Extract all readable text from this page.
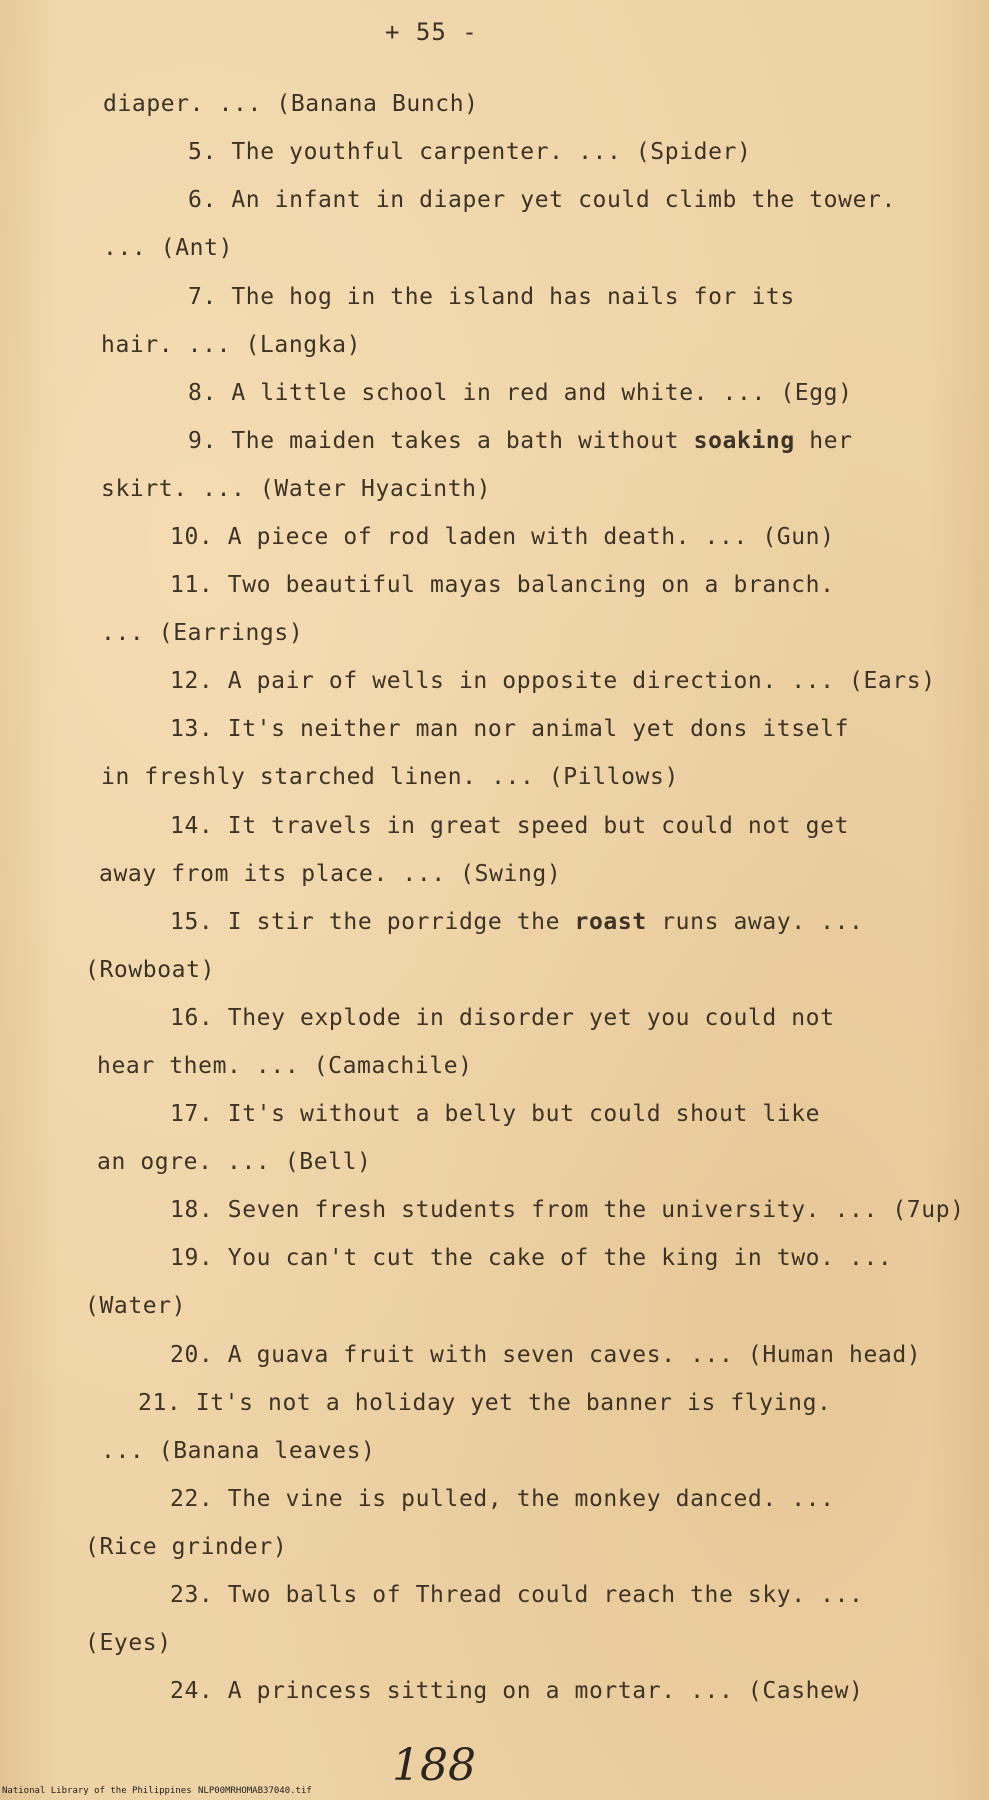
+ 55 -
diaper. ... (Banana Bunch)
5. The youthful carpenter. ... (Spider)
6. An infant in diaper yet could climb the tower.
... (Ant)
7. The hog in the island has nails for its
hair. ... (Langka)
8. A little school in red and white. ... (Egg)
9. The maiden takes a bath without soaking her
skirt. ... (Water Hyacinth)
10. A piece of rod laden with death. ... (Gun)
11. Two beautiful mayas balancing on a branch.
... (Earrings)
12. A pair of wells in opposite direction. ... (Ears)
13. It's neither man nor animal yet dons itself
in freshly starched linen. ... (Pillows)
14. It travels in great speed but could not get
away from its place. ... (Swing)
15. I stir the porridge the roast runs away. ...
(Rowboat)
16. They explode in disorder yet you could not
hear them. ... (Camachile)
17. It's without a belly but could shout like
an ogre. ... (Bell)
18. Seven fresh students from the university. ... (7up)
19. You can't cut the cake of the king in two. ...
(Water)
20. A guava fruit with seven caves. ... (Human head)
21. It's not a holiday yet the banner is flying.
... (Banana leaves)
22. The vine is pulled, the monkey danced. ...
(Rice grinder)
23. Two balls of Thread could reach the sky. ...
(Eyes)
24. A princess sitting on a mortar. ... (Cashew)
188
National Library of the Philippines NLP00MRHOMAB37040.tif
